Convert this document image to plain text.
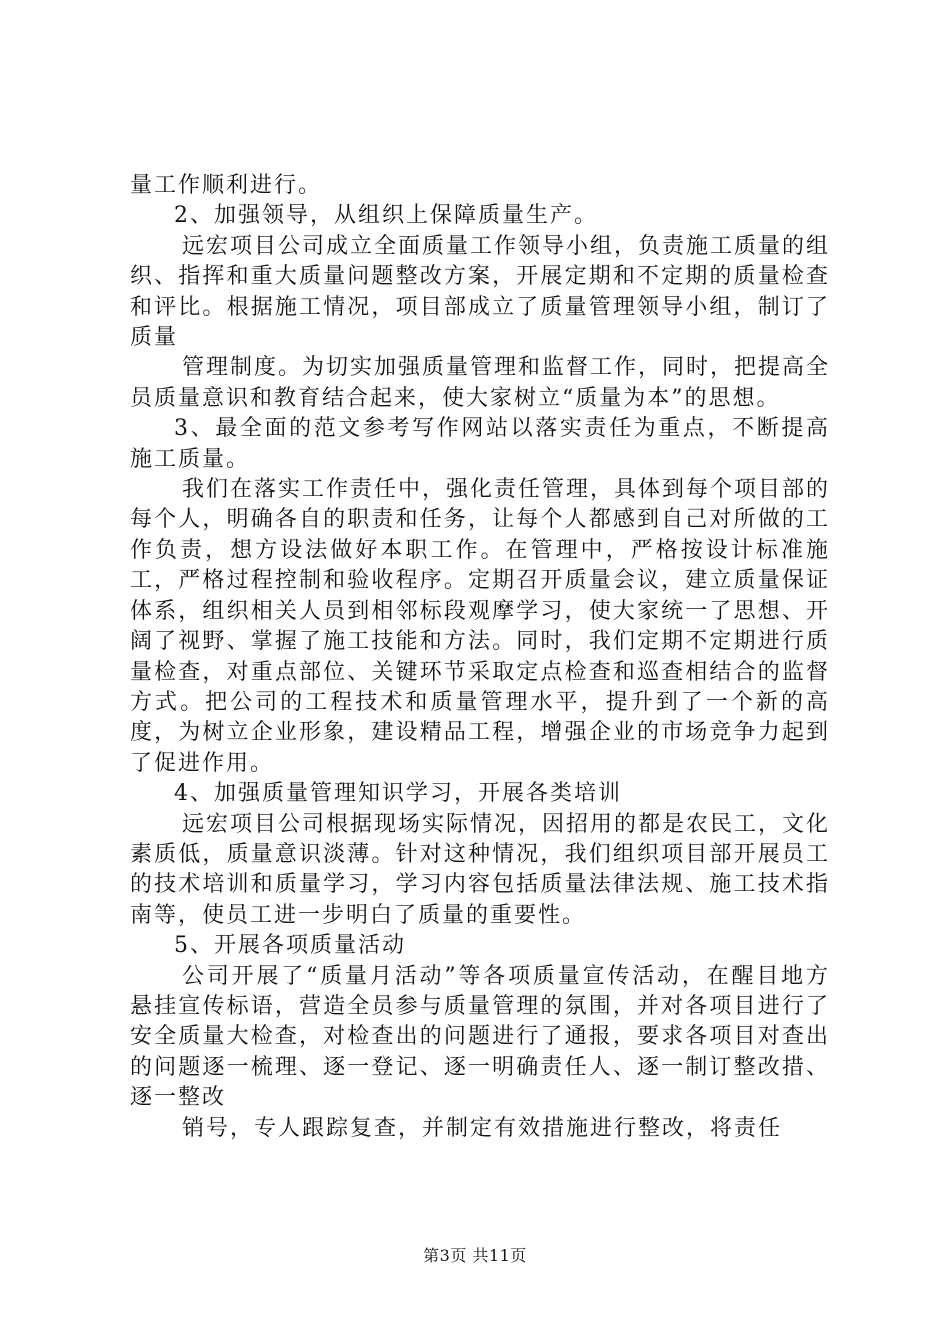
量工作顺利进行。

2、加强领导，从组织上保障质量生产。

远宏项目公司成立全面质量工作领导小组，负责施工质量的组织、指挥和重大质量问题整改方案，开展定期和不定期的质量检查和评比。根据施工情况，项目部成立了质量管理领导小组，制订了质量

管理制度。为切实加强质量管理和监督工作，同时，把提高全员质量意识和教育结合起来，使大家树立“质量为本”的思想。

3、最全面的范文参考写作网站以落实责任为重点，不断提高施工质量。

我们在落实工作责任中，强化责任管理，具体到每个项目部的每个人，明确各自的职责和任务，让每个人都感到自己对所做的工作负责，想方设法做好本职工作。在管理中，严格按设计标准施工，严格过程控制和验收程序。定期召开质量会议，建立质量保证体系，组织相关人员到相邻标段观摩学习，使大家统一了思想、开阔了视野、掌握了施工技能和方法。同时，我们定期不定期进行质量检查，对重点部位、关键环节采取定点检查和巡查相结合的监督方式。把公司的工程技术和质量管理水平，提升到了一个新的高度，为树立企业形象，建设精品工程，增强企业的市场竞争力起到了促进作用。

4、加强质量管理知识学习，开展各类培训

远宏项目公司根据现场实际情况，因招用的都是农民工，文化素质低，质量意识淡薄。针对这种情况，我们组织项目部开展员工的技术培训和质量学习，学习内容包括质量法律法规、施工技术指南等，使员工进一步明白了质量的重要性。

5、开展各项质量活动

公司开展了“质量月活动”等各项质量宣传活动，在醒目地方悬挂宣传标语，营造全员参与质量管理的氛围，并对各项目进行了安全质量大检查，对检查出的问题进行了通报，要求各项目对查出的问题逐一梳理、逐一登记、逐一明确责任人、逐一制订整改措、逐一整改

销号，专人跟踪复查，并制定有效措施进行整改，将责任

第3页 共11页
